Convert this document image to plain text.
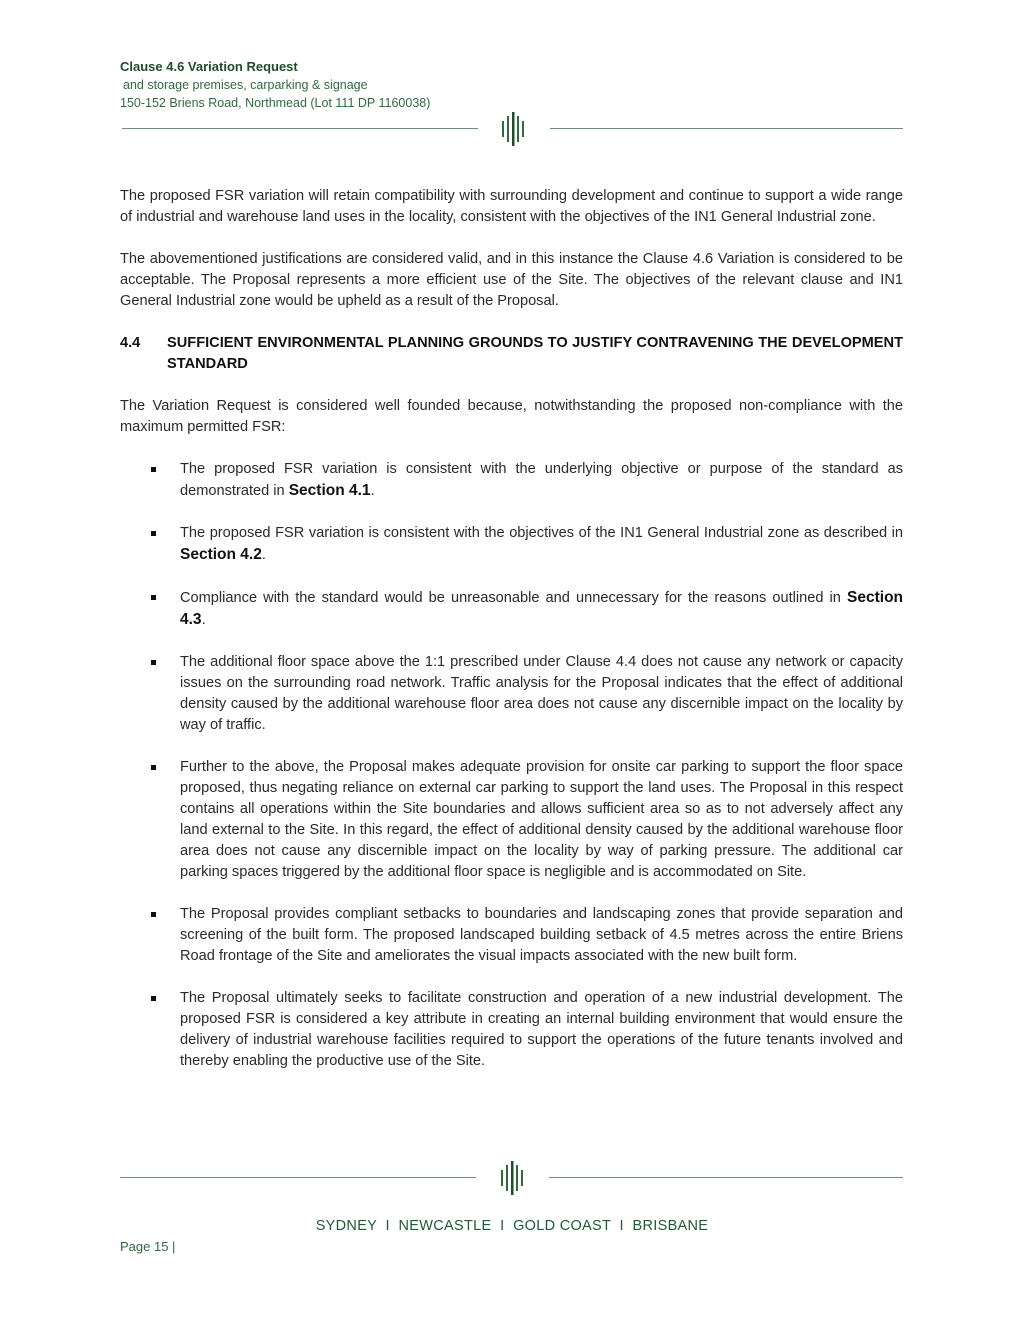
Clause 4.6 Variation Request
and storage premises, carparking & signage
150-152 Briens Road, Northmead (Lot 111 DP 1160038)

The proposed FSR variation will retain compatibility with surrounding development and continue to support a wide range of industrial and warehouse land uses in the locality, consistent with the objectives of the IN1 General Industrial zone.

The abovementioned justifications are considered valid, and in this instance the Clause 4.6 Variation is considered to be acceptable. The Proposal represents a more efficient use of the Site. The objectives of the relevant clause and IN1 General Industrial zone would be upheld as a result of the Proposal.

4.4	SUFFICIENT ENVIRONMENTAL PLANNING GROUNDS TO JUSTIFY CONTRAVENING THE DEVELOPMENT STANDARD

The Variation Request is considered well founded because, notwithstanding the proposed non-compliance with the maximum permitted FSR:

The proposed FSR variation is consistent with the underlying objective or purpose of the standard as demonstrated in Section 4.1.
The proposed FSR variation is consistent with the objectives of the IN1 General Industrial zone as described in Section 4.2.
Compliance with the standard would be unreasonable and unnecessary for the reasons outlined in Section 4.3.
The additional floor space above the 1:1 prescribed under Clause 4.4 does not cause any network or capacity issues on the surrounding road network. Traffic analysis for the Proposal indicates that the effect of additional density caused by the additional warehouse floor area does not cause any discernible impact on the locality by way of traffic.
Further to the above, the Proposal makes adequate provision for onsite car parking to support the floor space proposed, thus negating reliance on external car parking to support the land uses. The Proposal in this respect contains all operations within the Site boundaries and allows sufficient area so as to not adversely affect any land external to the Site. In this regard, the effect of additional density caused by the additional warehouse floor area does not cause any discernible impact on the locality by way of parking pressure. The additional car parking spaces triggered by the additional floor space is negligible and is accommodated on Site.
The Proposal provides compliant setbacks to boundaries and landscaping zones that provide separation and screening of the built form. The proposed landscaped building setback of 4.5 metres across the entire Briens Road frontage of the Site and ameliorates the visual impacts associated with the new built form.
The Proposal ultimately seeks to facilitate construction and operation of a new industrial development. The proposed FSR is considered a key attribute in creating an internal building environment that would ensure the delivery of industrial warehouse facilities required to support the operations of the future tenants involved and thereby enabling the productive use of the Site.
SYDNEY  I  NEWCASTLE  I  GOLD COAST  I  BRISBANE
Page 15 |
